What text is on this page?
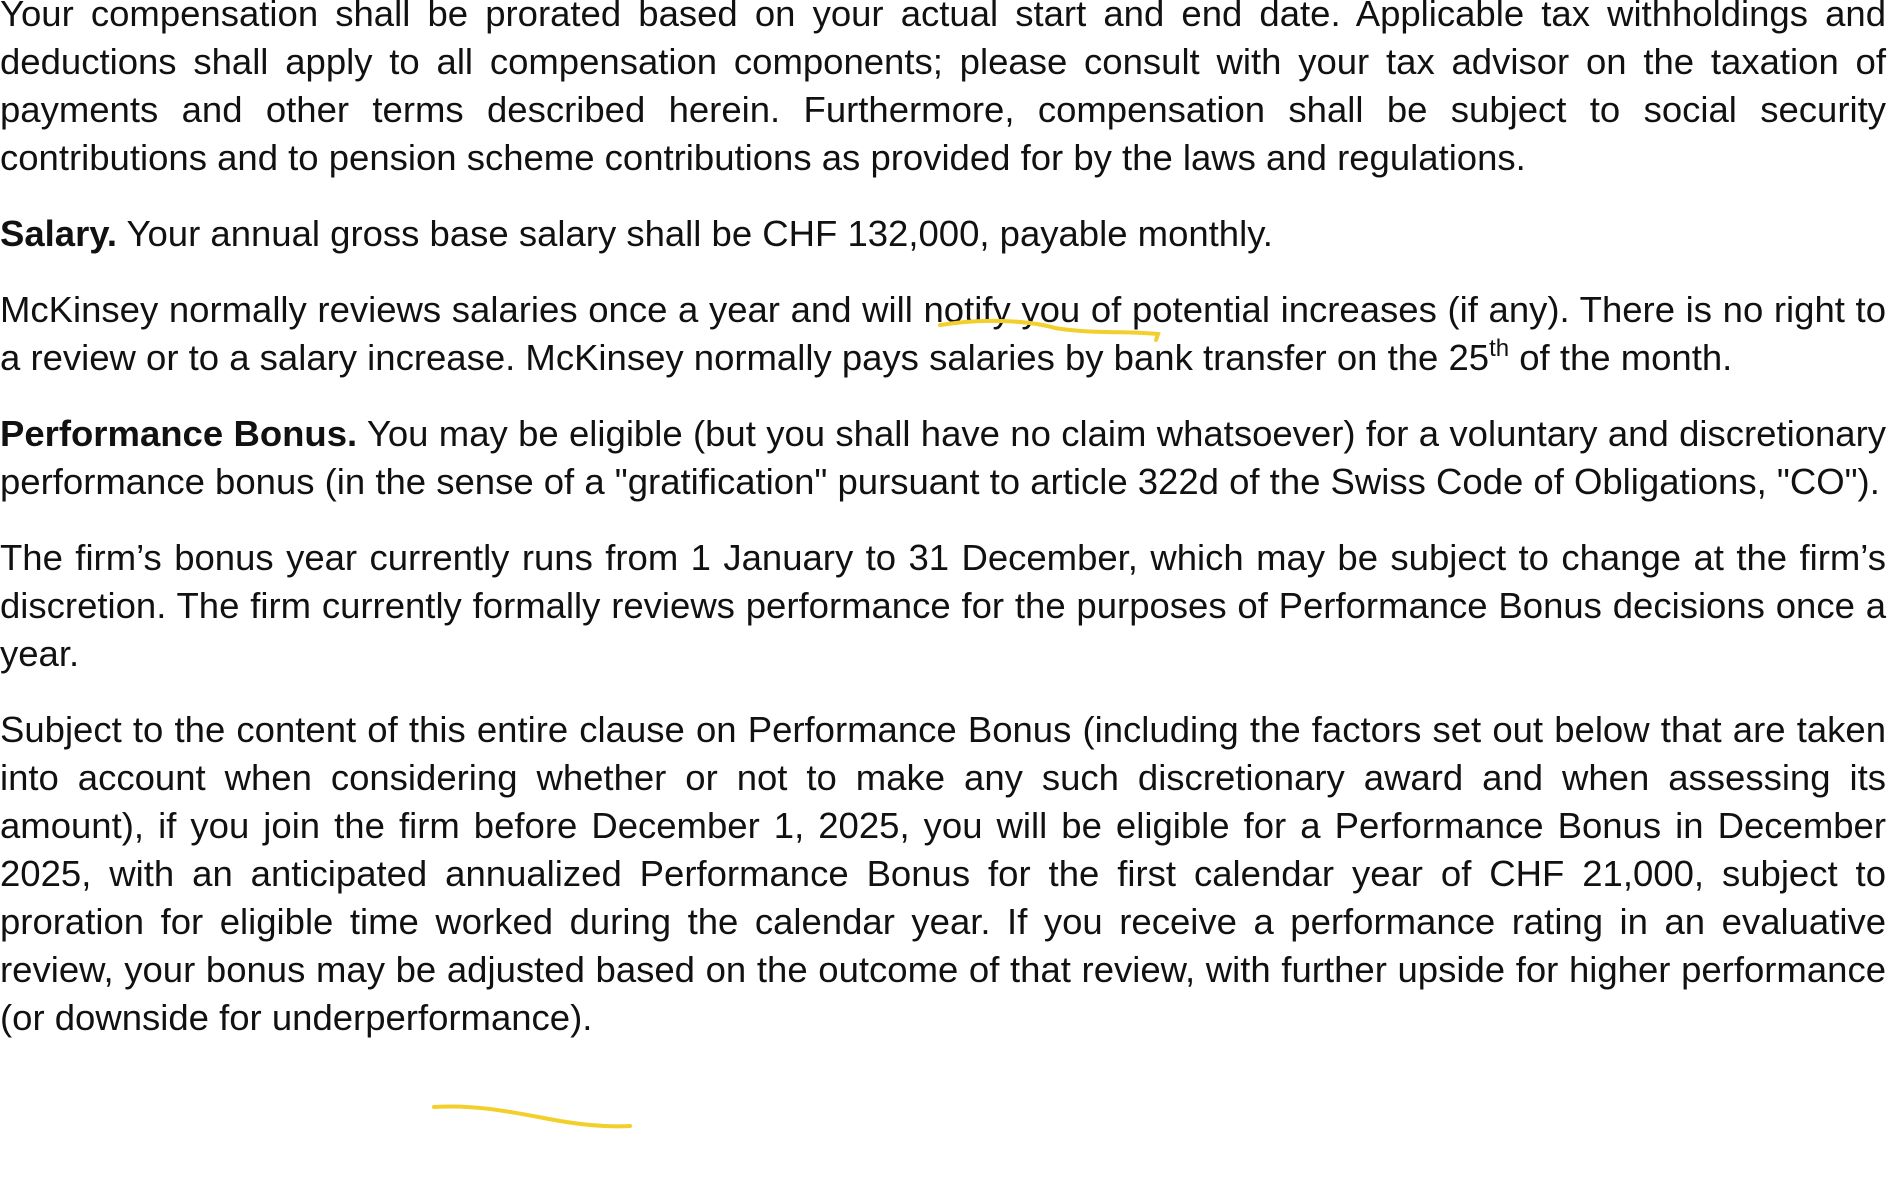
Your compensation shall be prorated based on your actual start and end date. Applicable tax withholdings and deductions shall apply to all compensation components; please consult with your tax advisor on the taxation of payments and other terms described herein. Furthermore, compensation shall be subject to social security contributions and to pension scheme contributions as provided for by the laws and regulations.

Salary. Your annual gross base salary shall be CHF 132,000, payable monthly.

McKinsey normally reviews salaries once a year and will notify you of potential increases (if any). There is no right to a review or to a salary increase. McKinsey normally pays salaries by bank transfer on the 25th of the month.

Performance Bonus. You may be eligible (but you shall have no claim whatsoever) for a voluntary and discretionary performance bonus (in the sense of a "gratification" pursuant to article 322d of the Swiss Code of Obligations, "CO").

The firm’s bonus year currently runs from 1 January to 31 December, which may be subject to change at the firm’s discretion. The firm currently formally reviews performance for the purposes of Performance Bonus decisions once a year.

Subject to the content of this entire clause on Performance Bonus (including the factors set out below that are taken into account when considering whether or not to make any such discretionary award and when assessing its amount), if you join the firm before December 1, 2025, you will be eligible for a Performance Bonus in December 2025, with an anticipated annualized Performance Bonus for the first calendar year of CHF 21,000, subject to proration for eligible time worked during the calendar year. If you receive a performance rating in an evaluative review, your bonus may be adjusted based on the outcome of that review, with further upside for higher performance (or downside for underperformance).
